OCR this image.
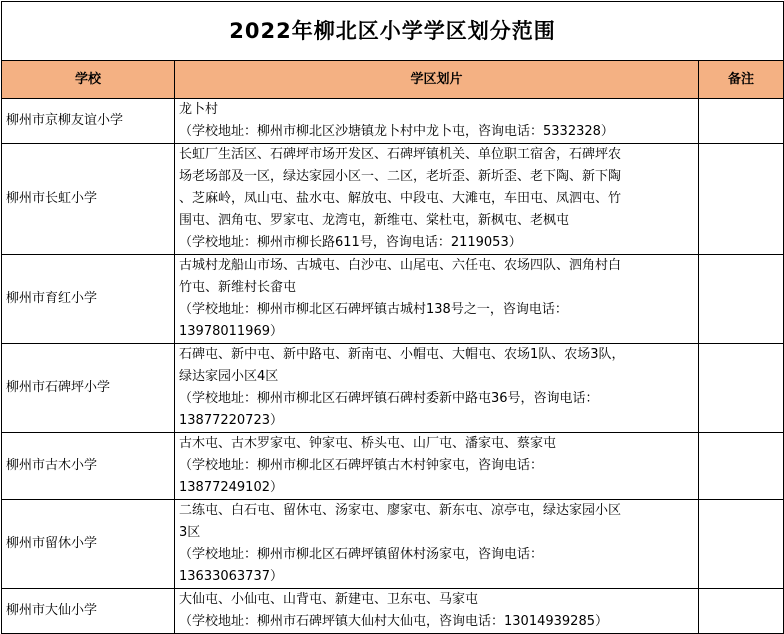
2022年柳北区小学学区划分范围		
学校	学区划片	备注
柳州市京柳友谊小学	龙卜村
（学校地址：柳州市柳北区沙塘镇龙卜村中龙卜屯，咨询电话：5332328）	

柳州市长虹小学	长虹厂生活区、石碑坪市场开发区、石碑坪镇机关、单位职工宿舍，石碑坪农
场老场部及一区，绿达家园小区一、二区，老圻歪、新圻歪、老下陶、新下陶
、芝麻岭，凤山屯、盐水屯、解放屯、中段屯、大滩屯，车田屯、凤泗屯、竹
围屯、泗角屯、罗家屯、龙湾屯，新维屯、棠杜屯，新枫屯、老枫屯
（学校地址：柳州市柳长路611号，咨询电话：2119053）	

柳州市育红小学	古城村龙船山市场、古城屯、白沙屯、山尾屯、六任屯、农场四队、泗角村白
竹屯、新维村长畲屯
（学校地址：柳州市柳北区石碑坪镇古城村138号之一，咨询电话：
13978011969）	

柳州市石碑坪小学	石碑屯、新中屯、新中路屯、新南屯、小帽屯、大帽屯、农场1队、农场3队，
绿达家园小区4区
（学校地址：柳州市柳北区石碑坪镇石碑村委新中路屯36号，咨询电话：
13877220723）	

柳州市古木小学	古木屯、古木罗家屯、钟家屯、桥头屯、山厂屯、潘家屯、蔡家屯
（学校地址：柳州市柳北区石碑坪镇古木村钟家屯，咨询电话：
13877249102）	

柳州市留休小学	二练屯、白石屯、留休屯、汤家屯、廖家屯、新东屯、凉亭屯，绿达家园小区
3区
（学校地址：柳州市柳北区石碑坪镇留休村汤家屯，咨询电话：
13633063737）	

柳州市大仙小学	大仙屯、小仙屯、山背屯、新建屯、卫东屯、马家屯
（学校地址：柳州市石碑坪镇大仙村大仙屯，咨询电话：13014939285）	
